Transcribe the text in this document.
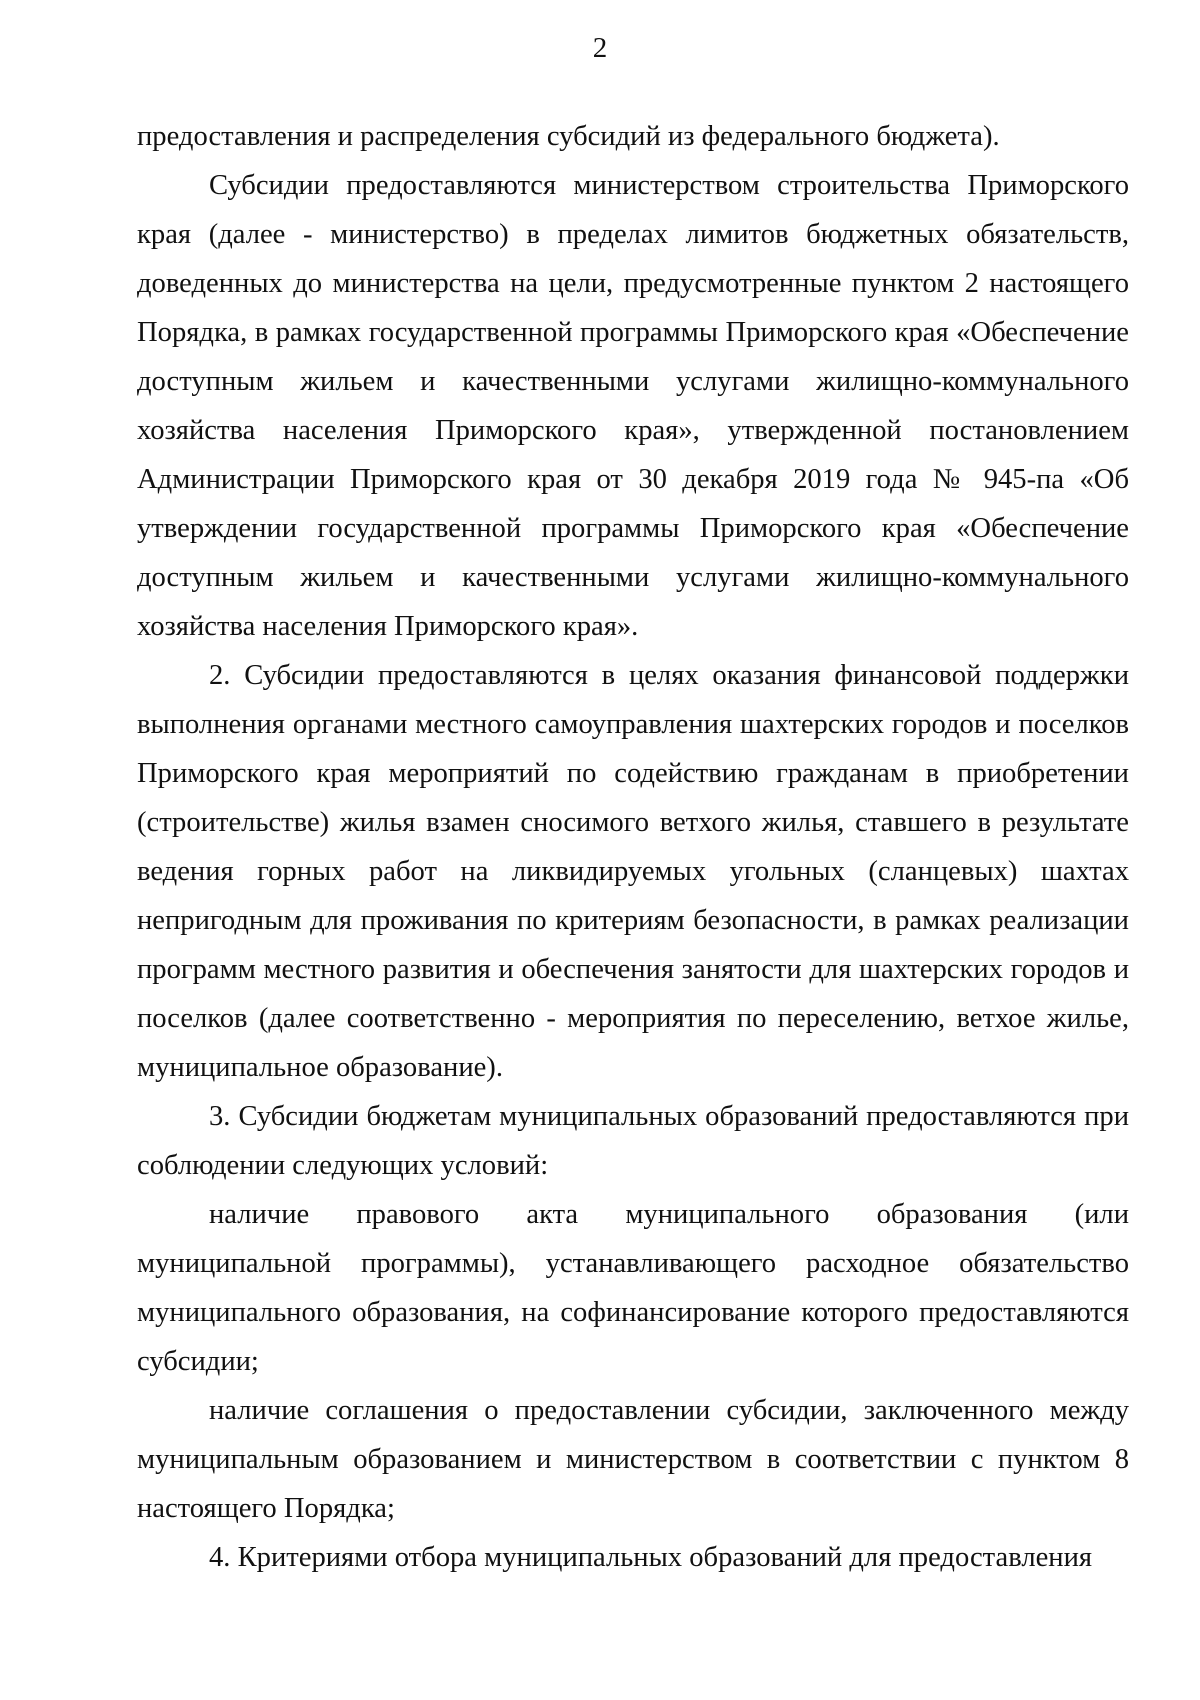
2

предоставления и распределения субсидий из федерального бюджета).

Субсидии предоставляются министерством строительства Приморского края (далее - министерство) в пределах лимитов бюджетных обязательств, доведенных до министерства на цели, предусмотренные пунктом 2 настоящего Порядка, в рамках государственной программы Приморского края «Обеспечение доступным жильем и качественными услугами жилищно-коммунального хозяйства населения Приморского края», утвержденной постановлением Администрации Приморского края от 30 декабря 2019 года № 945-па «Об утверждении государственной программы Приморского края «Обеспечение доступным жильем и качественными услугами жилищно-коммунального хозяйства населения Приморского края».

2. Субсидии предоставляются в целях оказания финансовой поддержки выполнения органами местного самоуправления шахтерских городов и поселков Приморского края мероприятий по содействию гражданам в приобретении (строительстве) жилья взамен сносимого ветхого жилья, ставшего в результате ведения горных работ на ликвидируемых угольных (сланцевых) шахтах непригодным для проживания по критериям безопасности, в рамках реализации программ местного развития и обеспечения занятости для шахтерских городов и поселков (далее соответственно - мероприятия по переселению, ветхое жилье, муниципальное образование).

3. Субсидии бюджетам муниципальных образований предоставляются при соблюдении следующих условий:

наличие правового акта муниципального образования (или муниципальной программы), устанавливающего расходное обязательство муниципального образования, на софинансирование которого предоставляются субсидии;

наличие соглашения о предоставлении субсидии, заключенного между муниципальным образованием и министерством в соответствии с пунктом 8 настоящего Порядка;

4. Критериями отбора муниципальных образований для предоставления
